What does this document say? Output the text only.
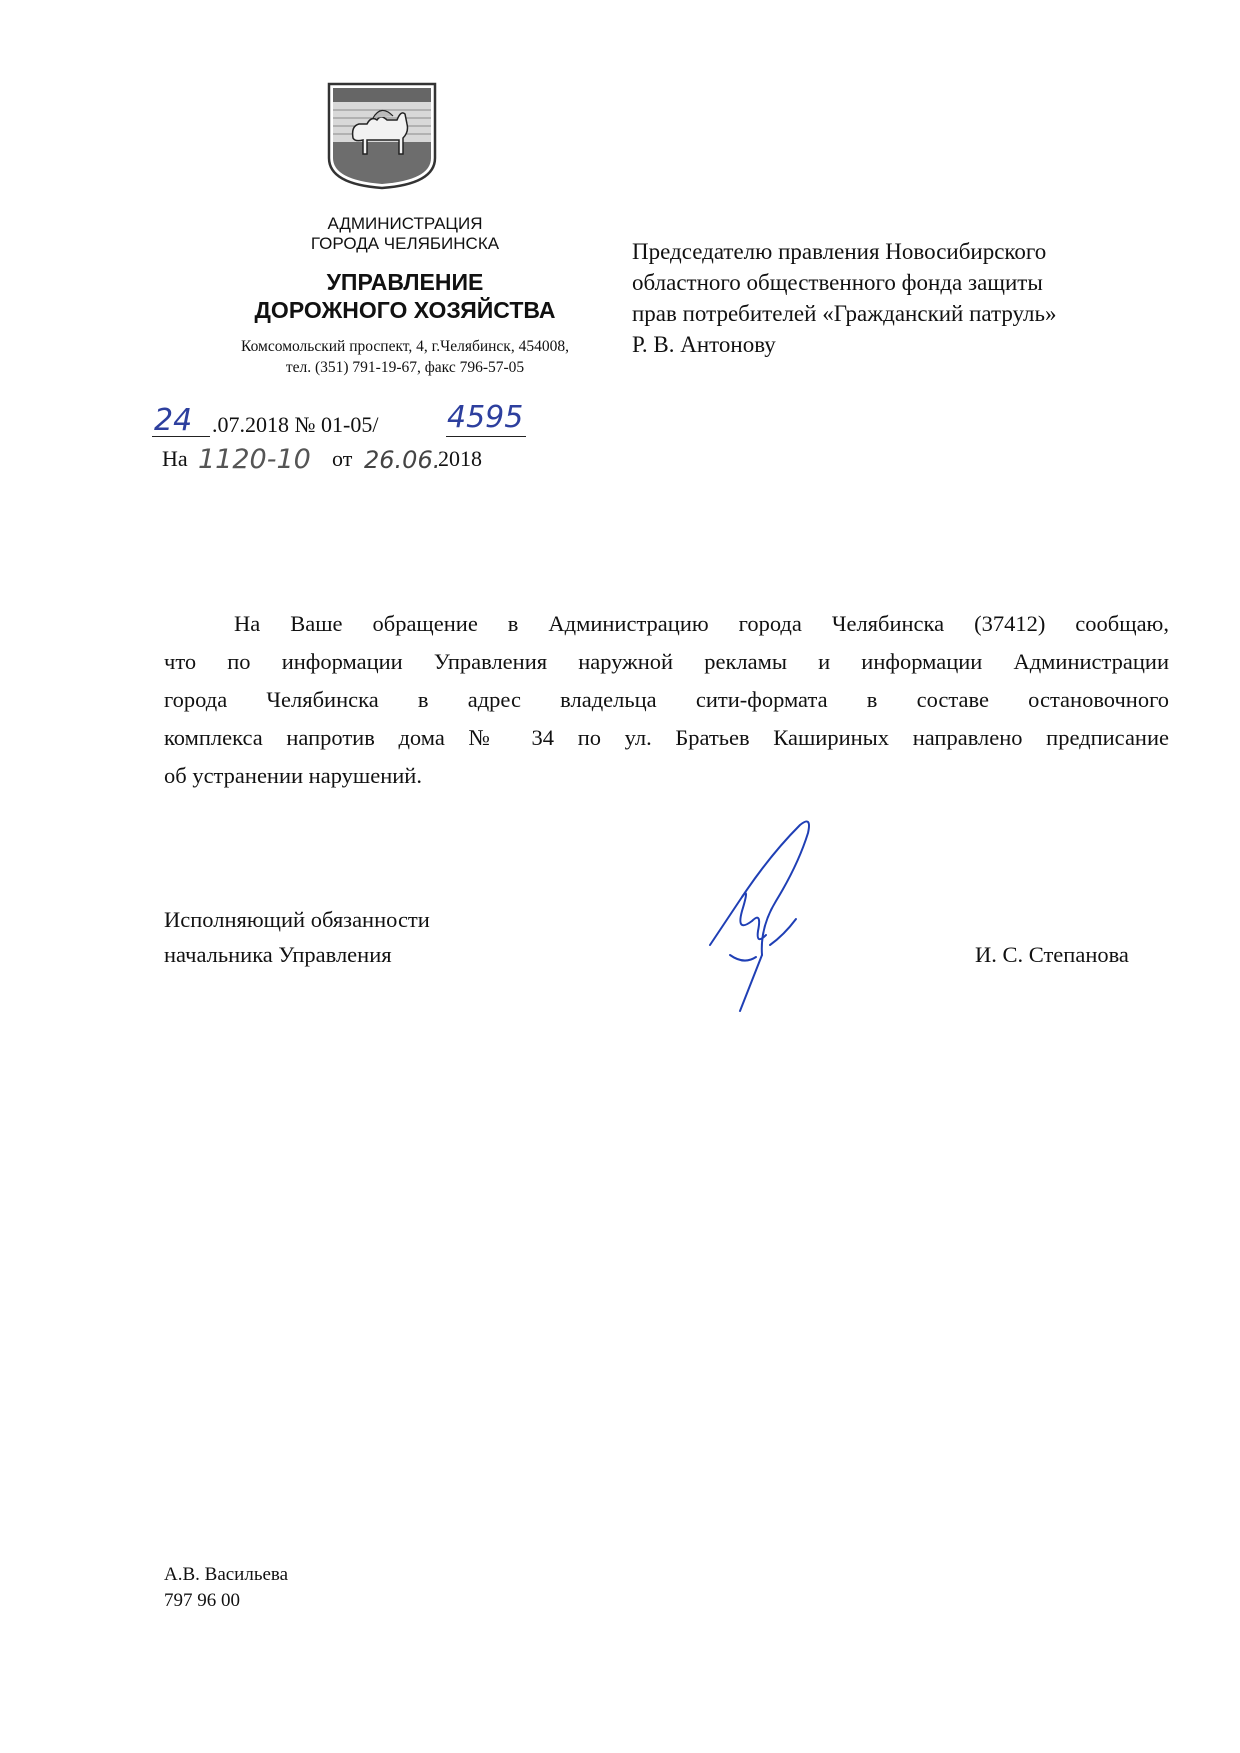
АДМИНИСТРАЦИЯ
ГОРОДА ЧЕЛЯБИНСКА
УПРАВЛЕНИЕ
ДОРОЖНОГО ХОЗЯЙСТВА
Комсомольский проспект, 4, г.Челябинск, 454008,
тел. (351) 791-19-67, факс 796-57-05
24 .07.2018 № 01-05/ 4595
На 1120-10 от 26.06.
2018
Председателю правления Новосибирского
областного общественного фонда защиты
прав потребителей «Гражданский патруль»
Р. В. Антонову
На Ваше обращение в Администрацию города Челябинска (37412) сообщаю,
что по информации Управления наружной рекламы и информации Администрации
города Челябинска в адрес владельца сити-формата в составе остановочного
комплекса напротив дома № 34 по ул. Братьев Кашириных направлено предписание
об устранении нарушений.
Исполняющий обязанности
начальника Управления	И. С. Степанова
А.В. Васильева
797 96 00
